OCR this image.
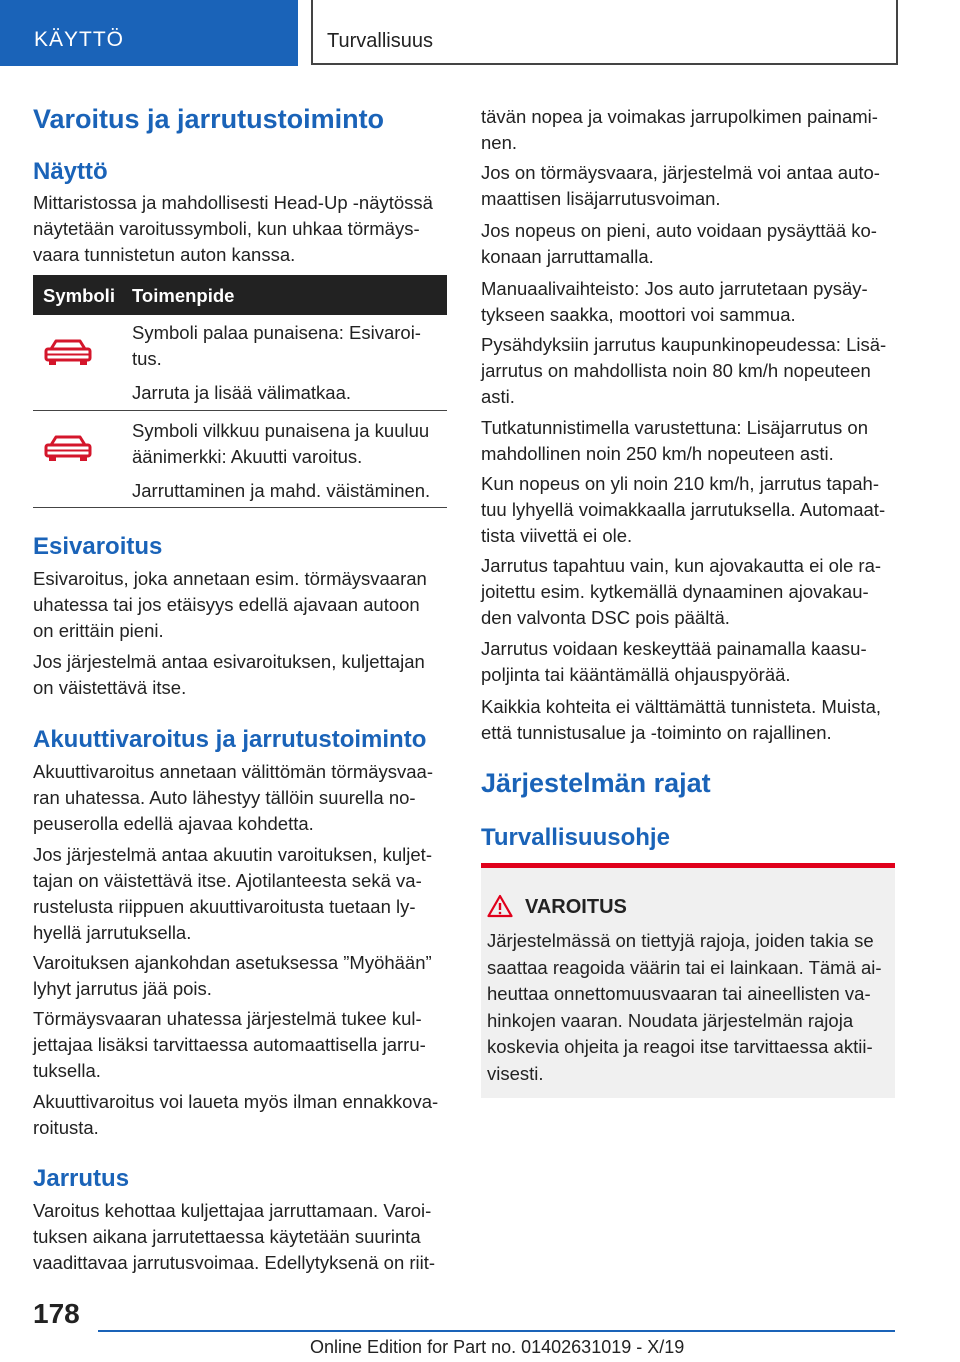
KÄYTTÖ	Turvallisuus
Varoitus ja jarrutustoiminto
Näyttö
Mittaristossa ja mahdollisesti Head-Up -näytössä
näytetään varoitussymboli, kun uhkaa törmäys‐
vaara tunnistetun auton kanssa.
Symboli Toimenpide
Symboli palaa punaisena: Esivaroi‐
tus.
Jarruta ja lisää välimatkaa.
Symboli vilkkuu punaisena ja kuuluu
äänimerkki: Akuutti varoitus.
Jarruttaminen ja mahd. väistäminen.
Esivaroitus
Esivaroitus, joka annetaan esim. törmäysvaaran
uhatessa tai jos etäisyys edellä ajavaan autoon
on erittäin pieni.
Jos järjestelmä antaa esivaroituksen, kuljettajan
on väistettävä itse.
Akuuttivaroitus ja jarrutustoiminto
Akuuttivaroitus annetaan välittömän törmäysvaa‐
ran uhatessa. Auto lähestyy tällöin suurella no‐
peuserolla edellä ajavaa kohdetta.
Jos järjestelmä antaa akuutin varoituksen, kuljet‐
tajan on väistettävä itse. Ajotilanteesta sekä va‐
rustelusta riippuen akuuttivaroitusta tuetaan ly‐
hyellä jarrutuksella.
Varoituksen ajankohdan asetuksessa ”Myöhään”
lyhyt jarrutus jää pois.
Törmäysvaaran uhatessa järjestelmä tukee kul‐
jettajaa lisäksi tarvittaessa automaattisella jarru‐
tuksella.
Akuuttivaroitus voi laueta myös ilman ennakkova‐
roitusta.
Jarrutus
Varoitus kehottaa kuljettajaa jarruttamaan. Varoi‐
tuksen aikana jarrutettaessa käytetään suurinta
vaadittavaa jarrutusvoimaa. Edellytyksenä on riit‐
tävän nopea ja voimakas jarrupolkimen painami‐
nen.
Jos on törmäysvaara, järjestelmä voi antaa auto‐
maattisen lisäjarrutusvoiman.
Jos nopeus on pieni, auto voidaan pysäyttää ko‐
konaan jarruttamalla.
Manuaalivaihteisto: Jos auto jarrutetaan pysäy‐
tykseen saakka, moottori voi sammua.
Pysähdyksiin jarrutus kaupunkinopeudessa: Lisä‐
jarrutus on mahdollista noin 80 km/h nopeuteen
asti.
Tutkatunnistimella varustettuna: Lisäjarrutus on
mahdollinen noin 250 km/h nopeuteen asti.
Kun nopeus on yli noin 210 km/h, jarrutus tapah‐
tuu lyhyellä voimakkaalla jarrutuksella. Automaat‐
tista viivettä ei ole.
Jarrutus tapahtuu vain, kun ajovakautta ei ole ra‐
joitettu esim. kytkemällä dynaaminen ajovakau‐
den valvonta DSC pois päältä.
Jarrutus voidaan keskeyttää painamalla kaasu‐
poljinta tai kääntämällä ohjauspyörää.
Kaikkia kohteita ei välttämättä tunnisteta. Muista,
että tunnistusalue ja -toiminto on rajallinen.
Järjestelmän rajat
Turvallisuusohje
VAROITUS
Järjestelmässä on tiettyjä rajoja, joiden takia se
saattaa reagoida väärin tai ei lainkaan. Tämä ai‐
heuttaa onnettomuusvaaran tai aineellisten va‐
hinkojen vaaran. Noudata järjestelmän rajoja
koskevia ohjeita ja reagoi itse tarvittaessa aktii‐
visesti.
178
Online Edition for Part no. 01402631019 - X/19
